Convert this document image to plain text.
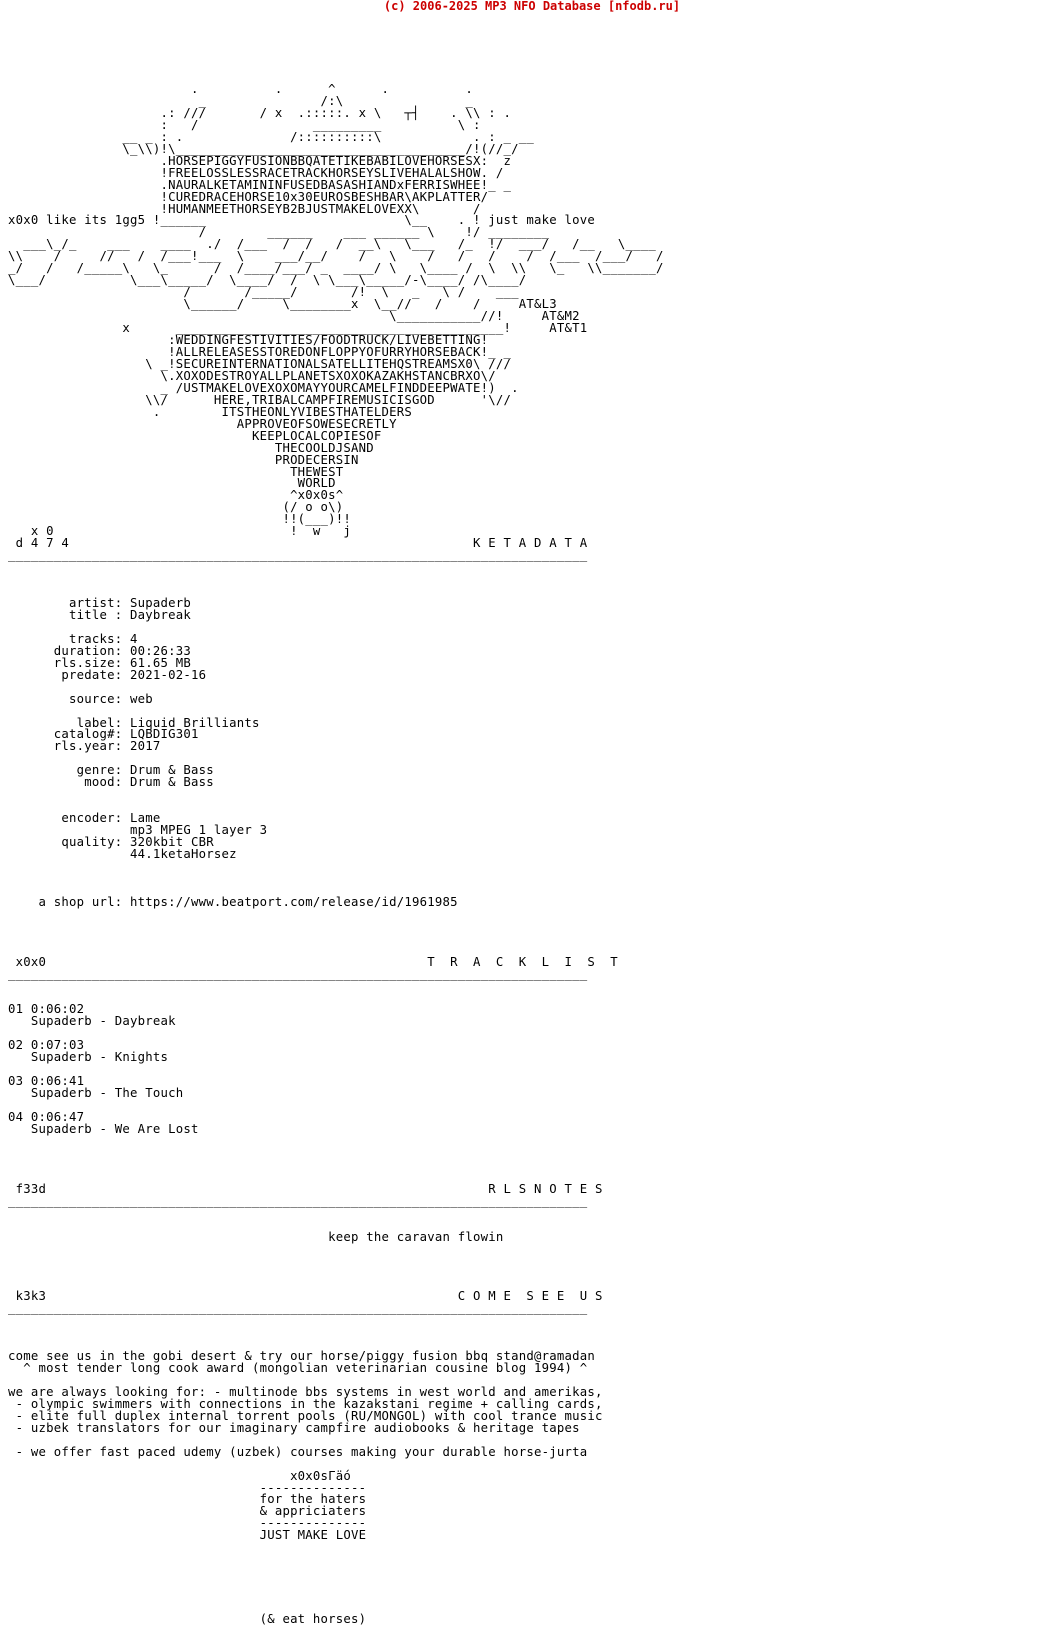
(c) 2006-2025 MP3 NFO Database [nfodb.ru]
.          .      ^      .          .
_               /:\                _
.: ///       / x  .:::::. x \   ┬┤    . \\ : .
:   /               _________          \ :
__ _ : .              /::::::::::\            . : _ __
\_\\)!\______________________________________/!(//_/
.HORSEPIGGYFUSIONBBQATETIKEBABILOVEHORSESX:  z
!FREELOSSLESSRACETRACKHORSEYSLIVEHALALSHOW. /
.NAURALKETAMININFUSEDBASASHIANDxFERRISWHEE!_ _
!CUREDRACEHORSE10x30EUROSBESHBAR\AKPLATTER/
!HUMANMEETHORSEYB2BJUSTMAKELOVEXX\       /
x0x0 like its 1gg5 !______                          \__    . ! just make love
/        ______    ___ ______ \    !/ ________
___\_/_    ___    ____  ./  /___  /  /   /  __\   \___   /_  !/  ___/   /__   \____
\\    /     //   /  /___!___  \    ___/__/    /   \    /   /   /    /  /___  /___/   /
_/   /   /_____\   \_      /  /____/___/ _  ____/ \   \____ /  \  \\   \_   \\_______/
\___/           \___\_____/  \____/  /  \ \___\_____/-\____/ /\____/
/       /_____/       /!  \   _   \ /    ___
\______/     \________x  \__//   /    /     AT&L3
\___________//!     AT&M2
x      ___________________________________________!     AT&T1
:WEDDINGFESTIVITIES/FOODTRUCK/LIVEBETTING!
!ALLRELEASESSTOREDONFLOPPYOFURRYHORSEBACK!_ _
\ _!SECUREINTERNATIONALSATELLITEHQSTREAMSX0\ ///
\.XOXODESTROYALLPLANETSXOXOKAZAKHSTANCBRXO\/
_ /USTMAKELOVEXOXOMAYYOURCAMELFINDDEEPWATE!)  .
\\/      HERE,TRIBALCAMPFIREMUSICISGOD      '\//
.        ITSTHEONLYVIBESTHATELDERS
APPROVEOFSOWESECRETLY
KEEPLOCALCOPIESOF
THECOOLDJSAND
PRODECERSIN
THEWEST
WORLD
^x0x0s^
(/ o o\)
!!(___)!!
x 0                               !  w   j
d 4 7 4                                                     K E T A D A T A
____________________________________________________________________________

artist: Supaderb
title : Daybreak

tracks: 4
duration: 00:26:33
rls.size: 61.65 MB
predate: 2021-02-16

source: web

label: Liquid Brilliants
catalog#: LQBDIG301
rls.year: 2017

genre: Drum & Bass
mood: Drum & Bass

encoder: Lame
mp3 MPEG 1 layer 3
quality: 320kbit CBR
44.1ketaHorsez

a shop url: https://www.beatport.com/release/id/1961985

x0x0                                                  T  R  A  C  K  L  I  S  T
____________________________________________________________________________

01 0:06:02
Supaderb - Daybreak

02 0:07:03
Supaderb - Knights

03 0:06:41
Supaderb - The Touch

04 0:06:47
Supaderb - We Are Lost

f33d                                                          R L S N O T E S
____________________________________________________________________________

keep the caravan flowin

k3k3                                                      C O M E  S E E  U S
____________________________________________________________________________

come see us in the gobi desert & try our horse/piggy fusion bbq stand@ramadan
^ most tender long cook award (mongolian veterinarian cousine blog 1994) ^

we are always looking for: - multinode bbs systems in west world and amerikas,
- olympic swimmers with connections in the kazakstani regime + calling cards,
- elite full duplex internal torrent pools (RU/MONGOL) with cool trance music
- uzbek translators for our imaginary campfire audiobooks & heritage tapes

- we offer fast paced udemy (uzbek) courses making your durable horse-jurta

x0x0sΓäó
--------------
for the haters
& appriciaters
--------------
JUST MAKE LOVE

(& eat horses)
